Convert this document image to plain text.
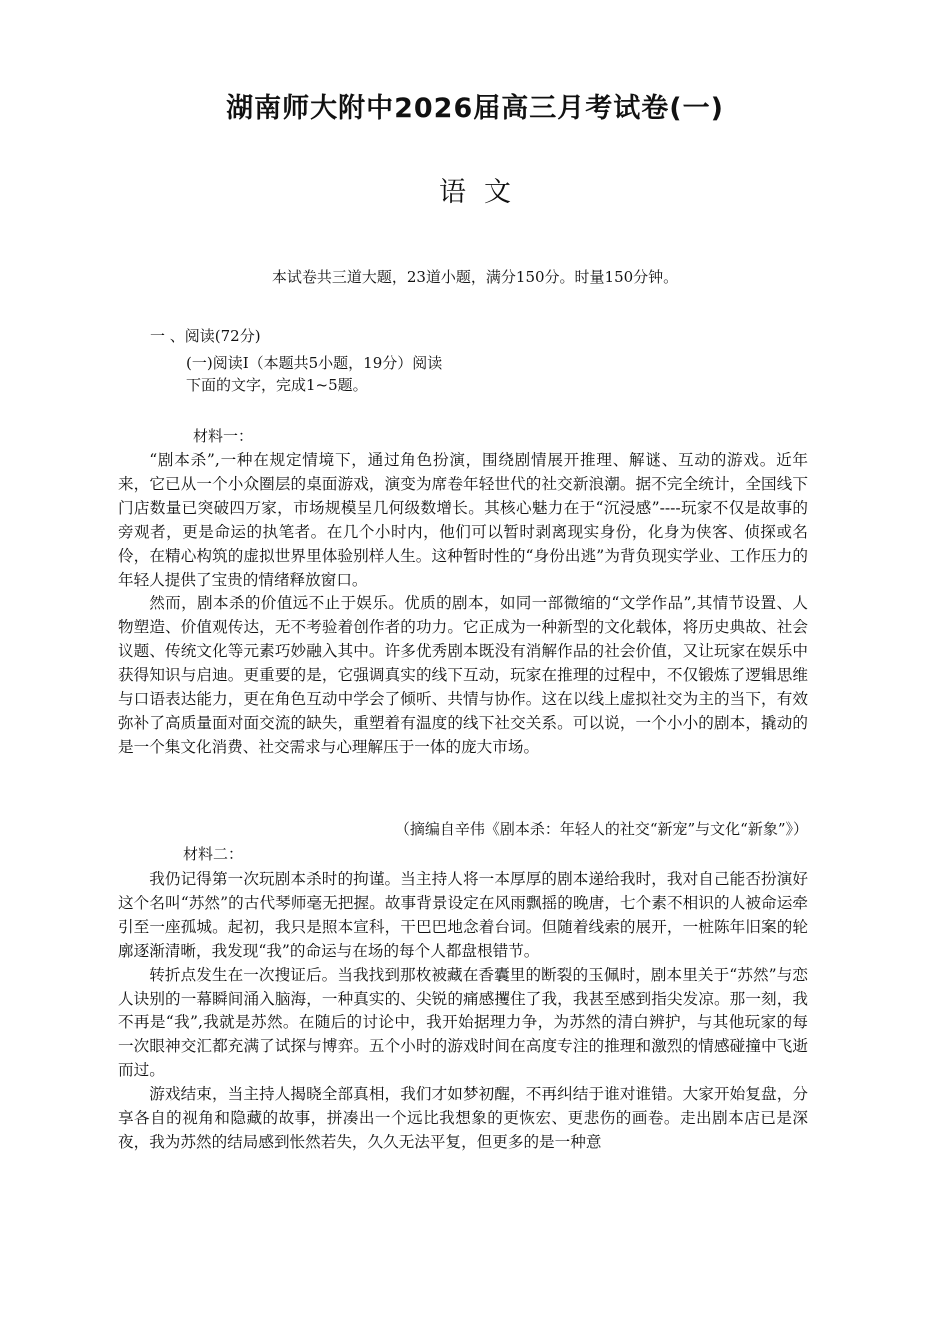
湖南师大附中2026届高三月考试卷(一)
语文
本试卷共三道大题，23道小题，满分150分。时量150分钟。
一 、阅读(72分)
(一)阅读I（本题共5小题，19分）阅读下面的文字，完成1~5题。
材料一：

“剧本杀”,一种在规定情境下，通过角色扮演，围绕剧情展开推理、解谜、互动的游戏。近年来，它已从一个小众圈层的桌面游戏，演变为席卷年轻世代的社交新浪潮。据不完全统计，全国线下门店数量已突破四万家，市场规模呈几何级数增长。其核心魅力在于“沉浸感”----玩家不仅是故事的旁观者，更是命运的执笔者。在几个小时内，他们可以暂时剥离现实身份，化身为侠客、侦探或名伶，在精心构筑的虚拟世界里体验别样人生。这种暂时性的“身份出逃”为背负现实学业、工作压力的年轻人提供了宝贵的情绪释放窗口。

然而，剧本杀的价值远不止于娱乐。优质的剧本，如同一部微缩的“文学作品”,其情节设置、人物塑造、价值观传达，无不考验着创作者的功力。它正成为一种新型的文化载体，将历史典故、社会议题、传统文化等元素巧妙融入其中。许多优秀剧本既没有消解作品的社会价值，又让玩家在娱乐中获得知识与启迪。更重要的是，它强调真实的线下互动，玩家在推理的过程中，不仅锻炼了逻辑思维与口语表达能力，更在角色互动中学会了倾听、共情与协作。这在以线上虚拟社交为主的当下，有效弥补了高质量面对面交流的缺失，重塑着有温度的线下社交关系。可以说，一个小小的剧本，撬动的是一个集文化消费、社交需求与心理解压于一体的庞大市场。

（摘编自辛伟《剧本杀：年轻人的社交“新宠”与文化“新象”》）
材料二：

我仍记得第一次玩剧本杀时的拘谨。当主持人将一本厚厚的剧本递给我时，我对自己能否扮演好这个名叫“苏然”的古代琴师毫无把握。故事背景设定在风雨飘摇的晚唐，七个素不相识的人被命运牵引至一座孤城。起初，我只是照本宣科，干巴巴地念着台词。但随着线索的展开，一桩陈年旧案的轮廓逐渐清晰，我发现“我”的命运与在场的每个人都盘根错节。

转折点发生在一次搜证后。当我找到那枚被藏在香囊里的断裂的玉佩时，剧本里关于“苏然”与恋人诀别的一幕瞬间涌入脑海，一种真实的、尖锐的痛感攫住了我，我甚至感到指尖发凉。那一刻，我不再是“我”,我就是苏然。在随后的讨论中，我开始据理力争，为苏然的清白辨护，与其他玩家的每一次眼神交汇都充满了试探与博弈。五个小时的游戏时间在高度专注的推理和激烈的情感碰撞中飞逝而过。

游戏结束，当主持人揭晓全部真相，我们才如梦初醒，不再纠结于谁对谁错。大家开始复盘，分享各自的视角和隐藏的故事，拼凑出一个远比我想象的更恢宏、更悲伤的画卷。走出剧本店已是深夜，我为苏然的结局感到怅然若失，久久无法平复，但更多的是一种意
